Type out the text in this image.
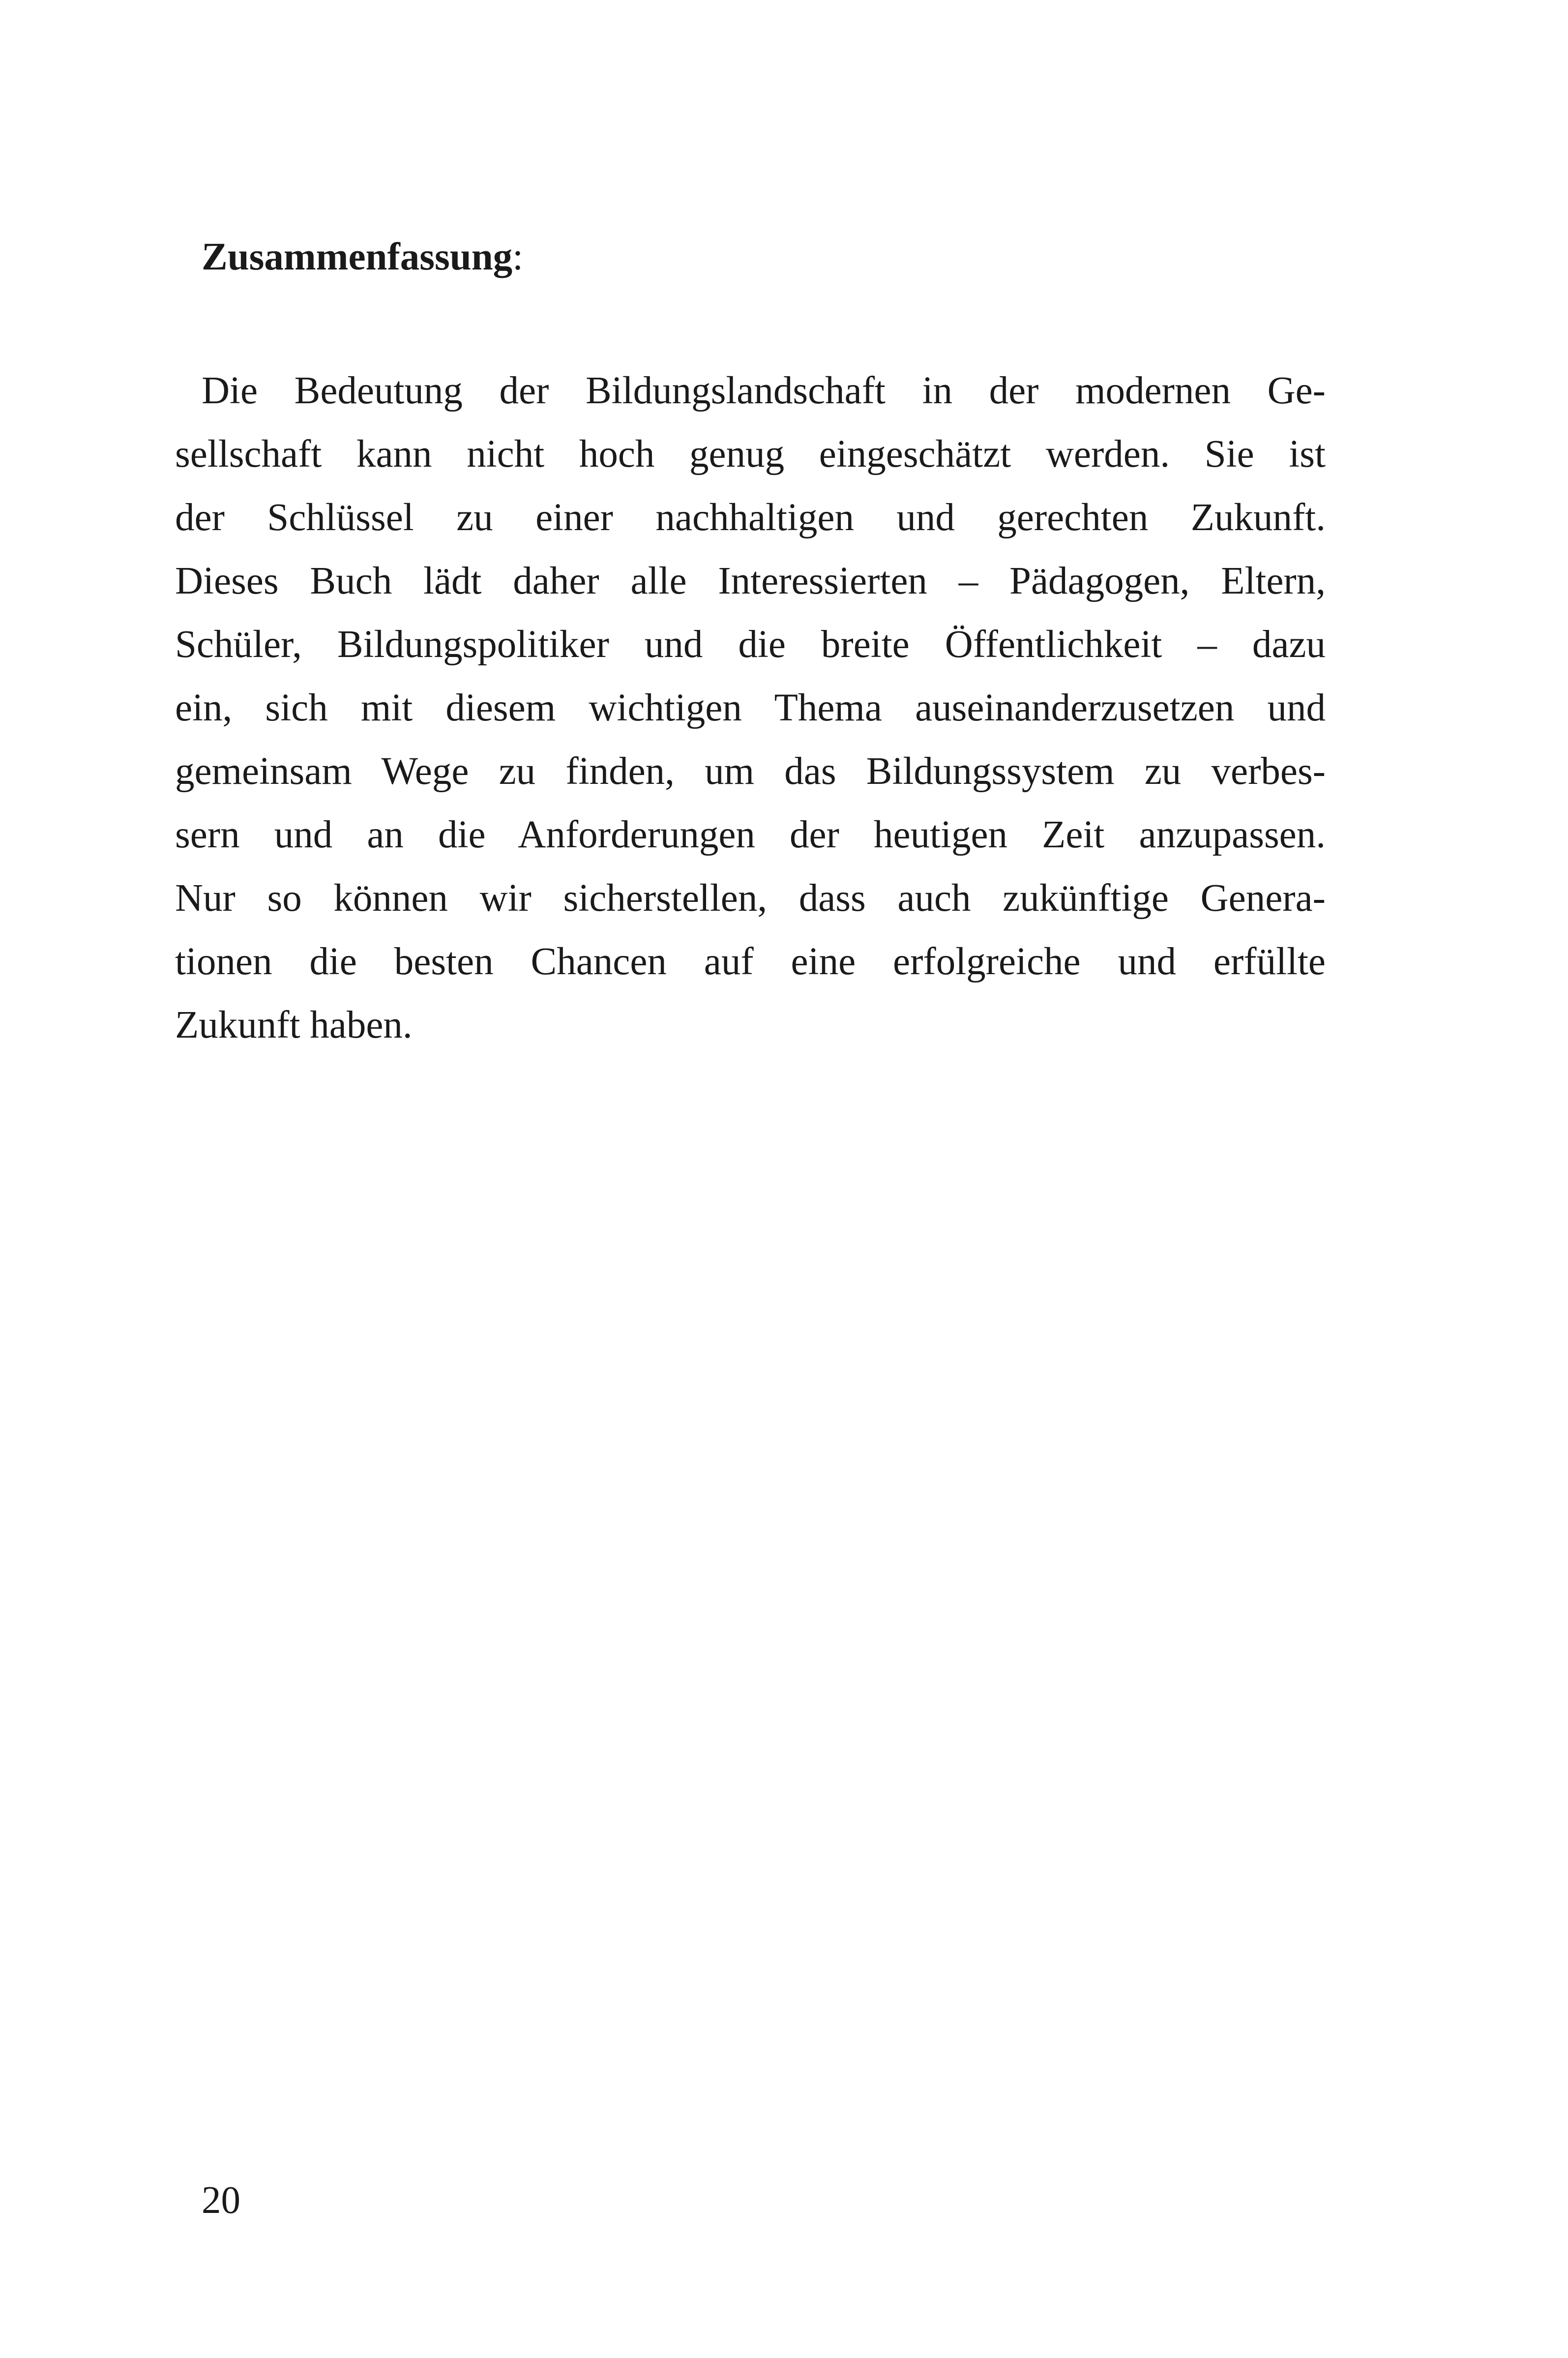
Zusammenfassung:
Die Bedeutung der Bildungslandschaft in der modernen Ge-
sellschaft kann nicht hoch genug eingeschätzt werden. Sie ist
der Schlüssel zu einer nachhaltigen und gerechten Zukunft.
Dieses Buch lädt daher alle Interessierten – Pädagogen, Eltern,
Schüler, Bildungspolitiker und die breite Öffentlichkeit – dazu
ein, sich mit diesem wichtigen Thema auseinanderzusetzen und
gemeinsam Wege zu finden, um das Bildungssystem zu verbes-
sern und an die Anforderungen der heutigen Zeit anzupassen.
Nur so können wir sicherstellen, dass auch zukünftige Genera-
tionen die besten Chancen auf eine erfolgreiche und erfüllte
Zukunft haben.
20
